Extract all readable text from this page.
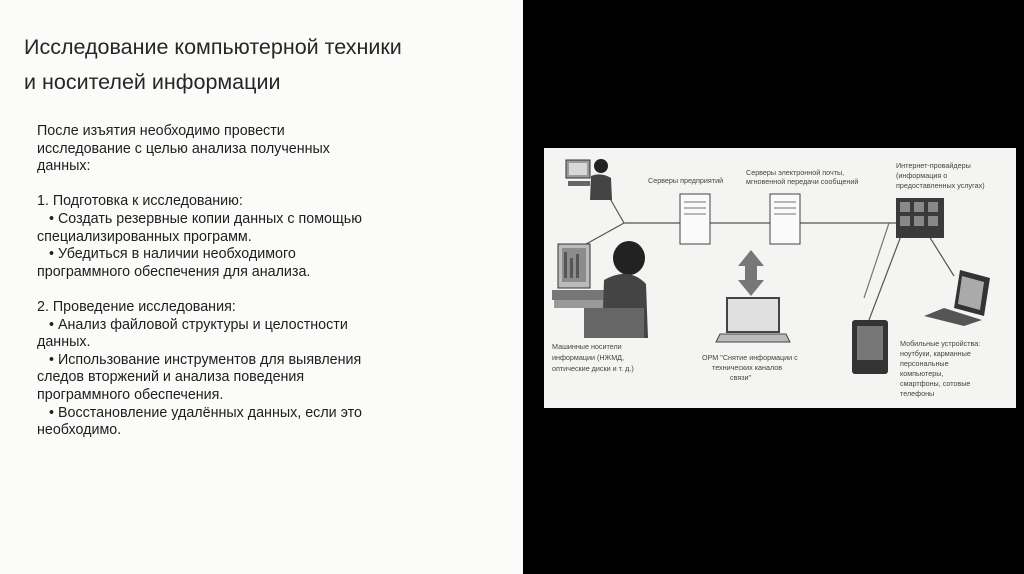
Исследование компьютерной техники
и носителей информации
После изъятия необходимо провести
исследование с целью анализа полученных
данных:
1. Подготовка к исследованию:
• Создать резервные копии данных с помощью
специализированных программ.
• Убедиться в наличии необходимого
программного обеспечения для анализа.
2. Проведение исследования:
• Анализ файловой структуры и целостности
данных.
• Использование инструментов для выявления
следов вторжений и анализа поведения
программного обеспечения.
• Восстановление удалённых данных, если это
необходимо.
Серверы предприятий
Серверы электронной почты, мгновенной передачи сообщений
Интернет-провайдеры (информация о предоставленных услугах)
Машинные носители информации (НЖМД, оптические диски и т. д.)
ОРМ "Снятие информации с технических каналов связи"
Мобильные устройства: ноутбуки, карманные персональные компьютеры, смартфоны, сотовые телефоны
